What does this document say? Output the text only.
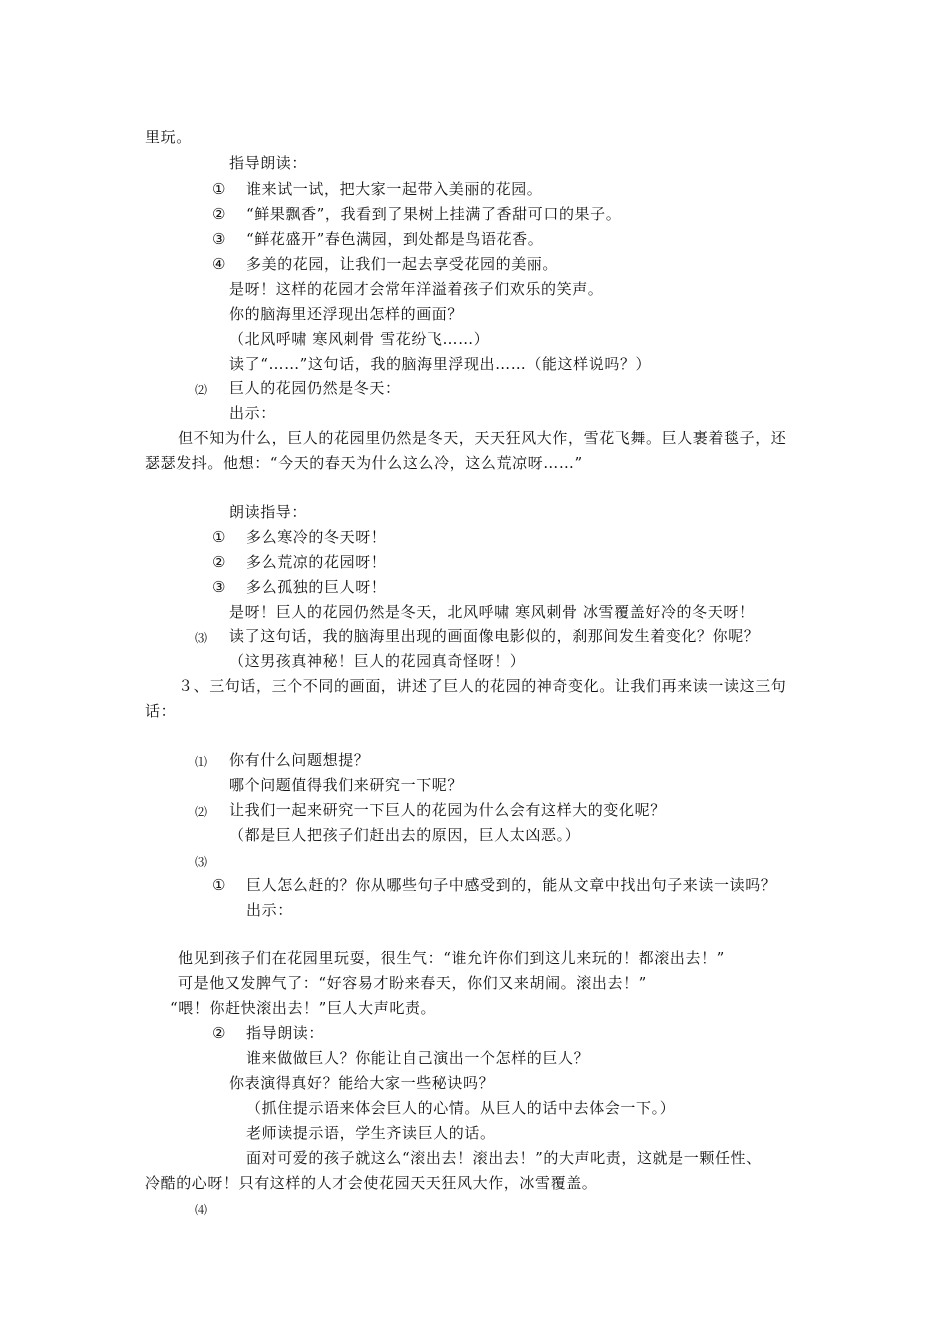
里玩。
指导朗读：
① 谁来试一试，把大家一起带入美丽的花园。
② “鲜果飘香”，我看到了果树上挂满了香甜可口的果子。
③ “鲜花盛开”春色满园，到处都是鸟语花香。
④ 多美的花园，让我们一起去享受花园的美丽。
是呀！这样的花园才会常年洋溢着孩子们欢乐的笑声。
你的脑海里还浮现出怎样的画面？
（北风呼啸 寒风刺骨 雪花纷飞……）
读了“……”这句话，我的脑海里浮现出……（能这样说吗？）
⑵ 巨人的花园仍然是冬天：
出示：
但不知为什么，巨人的花园里仍然是冬天，天天狂风大作，雪花飞舞。巨人裹着毯子，还
瑟瑟发抖。他想：“今天的春天为什么这么冷，这么荒凉呀……”
朗读指导：
① 多么寒冷的冬天呀！
② 多么荒凉的花园呀！
③ 多么孤独的巨人呀！
是呀！巨人的花园仍然是冬天，北风呼啸 寒风刺骨 冰雪覆盖好冷的冬天呀！
⑶ 读了这句话，我的脑海里出现的画面像电影似的，刹那间发生着变化？你呢？
（这男孩真神秘！巨人的花园真奇怪呀！）
３、三句话，三个不同的画面，讲述了巨人的花园的神奇变化。让我们再来读一读这三句
话：
⑴ 你有什么问题想提？
哪个问题值得我们来研究一下呢？
⑵ 让我们一起来研究一下巨人的花园为什么会有这样大的变化呢？
（都是巨人把孩子们赶出去的原因，巨人太凶恶。）
⑶
① 巨人怎么赶的？你从哪些句子中感受到的，能从文章中找出句子来读一读吗？
出示：
他见到孩子们在花园里玩耍，很生气：“谁允许你们到这儿来玩的！都滚出去！”
可是他又发脾气了：“好容易才盼来春天，你们又来胡闹。滚出去！”
“喂！你赶快滚出去！”巨人大声叱责。
② 指导朗读：
谁来做做巨人？你能让自己演出一个怎样的巨人？
你表演得真好？能给大家一些秘诀吗？
（抓住提示语来体会巨人的心情。从巨人的话中去体会一下。）
老师读提示语，学生齐读巨人的话。
面对可爱的孩子就这么“滚出去！滚出去！”的大声叱责，这就是一颗任性、
冷酷的心呀！只有这样的人才会使花园天天狂风大作，冰雪覆盖。
⑷
